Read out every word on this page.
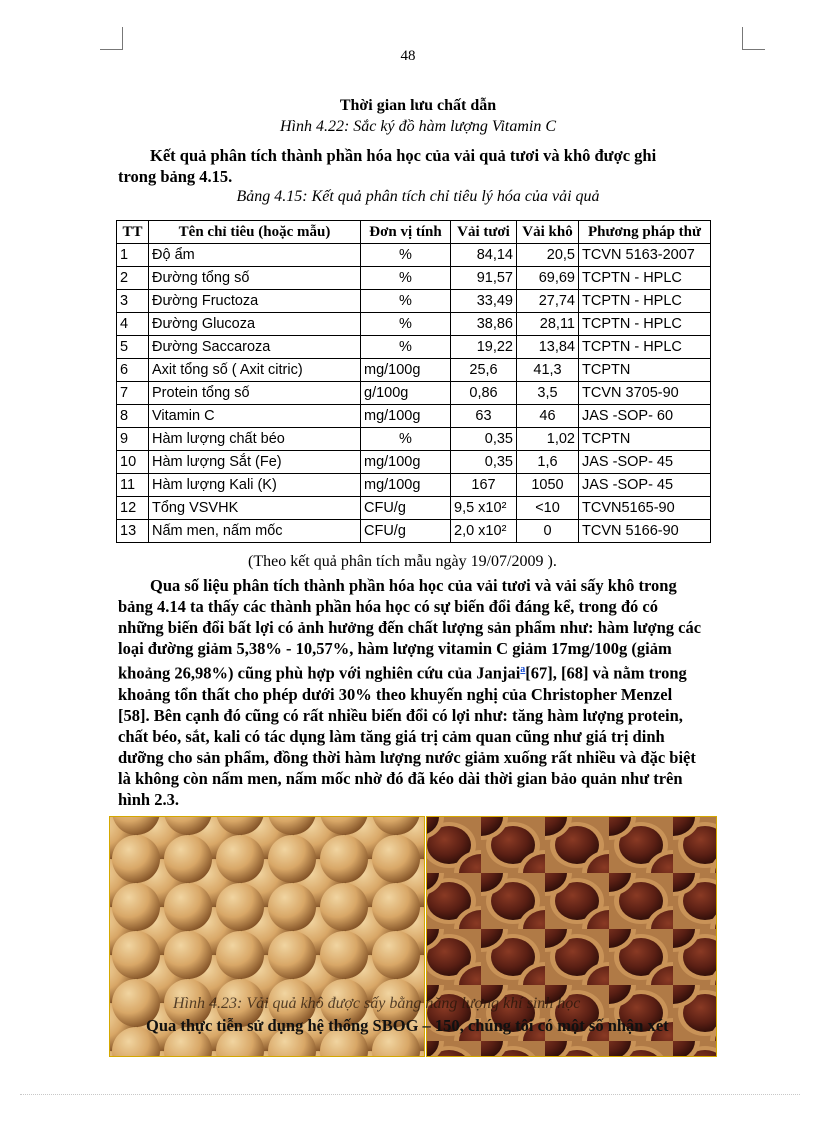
48
Thời gian lưu chất dẫn
Hình 4.22: Sắc ký đồ hàm lượng Vitamin C

Kết quả phân tích thành phần hóa học của vải quả tươi và khô được ghi

trong bảng 4.15.

Bảng 4.15: Kết quả phân tích chỉ tiêu lý hóa của vải quả
TT	Tên chỉ tiêu (hoặc mẫu)	Đơn vị tính	Vải tươi	Vải khô	Phương pháp thử
1	Độ ẩm	%	84,14	20,5	TCVN 5163-2007
2	Đường tổng số	%	91,57	69,69	TCPTN - HPLC
3	Đường Fructoza	%	33,49	27,74	TCPTN - HPLC
4	Đường Glucoza	%	38,86	28,11	TCPTN - HPLC
5	Đường Saccaroza	%	19,22	13,84	TCPTN - HPLC
6	Axit tổng số ( Axit citric)	mg/100g	25,6	41,3	TCPTN
7	Protein tổng số	g/100g	0,86	3,5	TCVN 3705-90
8	Vitamin C	mg/100g	63	46	JAS -SOP- 60
9	Hàm lượng chất béo	%	0,35	1,02	TCPTN
10	Hàm lượng Sắt (Fe)	mg/100g	0,35	1,6	JAS -SOP- 45
11	Hàm lượng Kali (K)	mg/100g	167	1050	JAS -SOP- 45
12	Tổng VSVHK	CFU/g	9,5 x10²	<10	TCVN5165-90
13	Nấm men, nấm mốc	CFU/g	2,0 x10²	0	TCVN 5166-90
(Theo kết quả phân tích mẫu ngày 19/07/2009 ).

Qua số liệu phân tích thành phần hóa học của vải tươi và vải sấy khô trong

bảng 4.14 ta thấy các thành phần hóa học có sự biến đổi đáng kể, trong đó có

những biến đổi bất lợi có ảnh hưởng đến chất lượng sản phẩm như: hàm lượng các

loại đường giảm 5,38% - 10,57%, hàm lượng vitamin C giảm 17mg/100g (giảm

khoảng 26,98%) cũng phù hợp với nghiên cứu của Janjai$^a$[67], [68] và nằm trong

khoảng tổn thất cho phép dưới 30% theo khuyến nghị của Christopher Menzel

[58]. Bên cạnh đó cũng có rất nhiều biến đổi có lợi như: tăng hàm lượng protein,

chất béo, sắt, kali có tác dụng làm tăng giá trị cảm quan cũng như giá trị dinh

dưỡng cho sản phẩm, đồng thời hàm lượng nước giảm xuống rất nhiều và đặc biệt

là không còn nấm men, nấm mốc nhờ đó đã kéo dài thời gian bảo quản như trên

hình 2.3.

Hình 4.23: Vải quả khô được sấy bằng năng lượng khí sinh học
Qua thực tiễn sử dụng hệ thống SBOG – 150, chúng tôi có một số nhận xét
